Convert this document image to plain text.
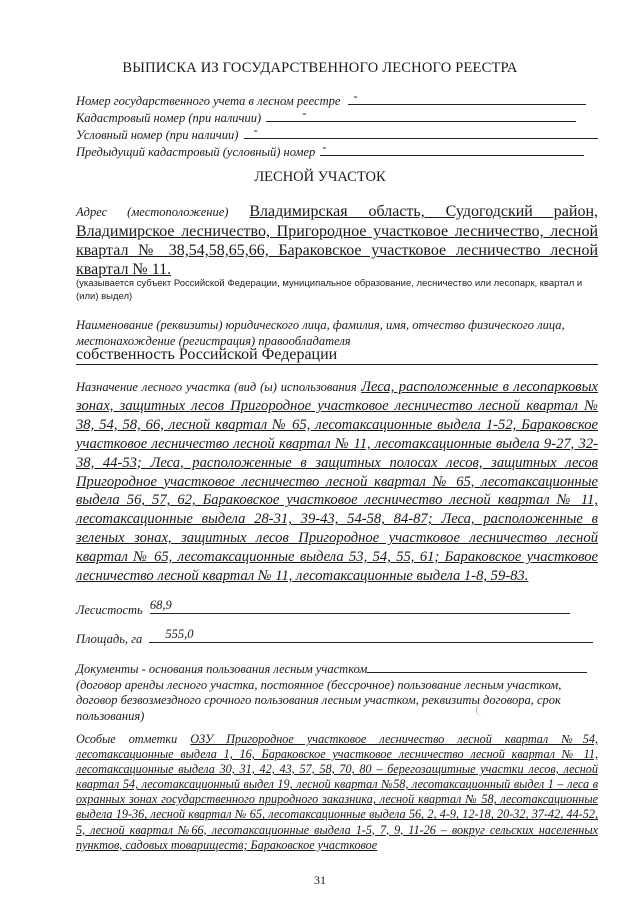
ВЫПИСКА ИЗ ГОСУДАРСТВЕННОГО ЛЕСНОГО РЕЕСТРА
Номер государственного учета в лесном реестре	-
Кадастровый номер (при наличии)	-
Условный номер (при наличии)	-
Предыдущий кадастровый (условный) номер -
ЛЕСНОЙ УЧАСТОК
Адрес (местоположение) Владимирская область, Судогодский район, Владимирское лесничество, Пригородное участковое лесничество, лесной квартал № 38,54,58,65,66, Бараковское участковое лесничество лесной квартал № 11.
(указывается субъект Российской Федерации, муниципальное образование, лесничество или лесопарк, квартал и (или) выдел)
Наименование (реквизиты) юридического лица, фамилия, имя, отчество физического лица, местонахождение (регистрация) правообладателя
собственность Российской Федерации
Назначение лесного участка (вид (ы) использования Леса, расположенные в лесопарковых зонах, защитных лесов Пригородное участковое лесничество лесной квартал № 38, 54, 58, 66, лесной квартал № 65, лесотаксационные выдела 1-52, Бараковское участковое лесничество лесной квартал № 11, лесотаксационные выдела 9-27, 32-38, 44-53; Леса, расположенные в защитных полосах лесов, защитных лесов Пригородное участковое лесничество лесной квартал № 65, лесотаксационные выдела 56, 57, 62, Бараковское участковое лесничество лесной квартал № 11, лесотаксационные выдела 28-31, 39-43, 54-58, 84-87; Леса, расположенные в зеленых зонах, защитных лесов Пригородное участковое лесничество лесной квартал № 65, лесотаксационные выдела 53, 54, 55, 61; Бараковское участковое лесничество лесной квартал № 11, лесотаксационные выдела 1-8, 59-83.
Лесистость 68,9
Площадь, га	555,0
Документы - основания пользования лесным участком
(договор аренды лесного участка, постоянное (бессрочное) пользование лесным участком, договор безвозмездного срочного пользования лесным участком, реквизиты договора, срок пользования)
Особые отметки ОЗУ Пригородное участковое лесничество лесной квартал №54, лесотаксационные выдела 1, 16, Бараковское участковое лесничество лесной квартал № 11, лесотаксационные выдела 30, 31, 42, 43, 57, 58, 70, 80 – берегозащитные участки лесов, лесной квартал 54, лесотаксационный выдел 19, лесной квартал №58, лесотаксационный выдел 1 – леса в охранных зонах государственного природного заказника, лесной квартал № 58, лесотаксационные выдела 19-36, лесной квартал № 65, лесотаксационные выдела 56, 2, 4-9, 12-18, 20-32, 37-42, 44-52, 5, лесной квартал №66, лесотаксационные выдела 1-5, 7, 9, 11-26 – вокруг сельских населенных пунктов, садовых товариществ; Бараковское участковое
31
